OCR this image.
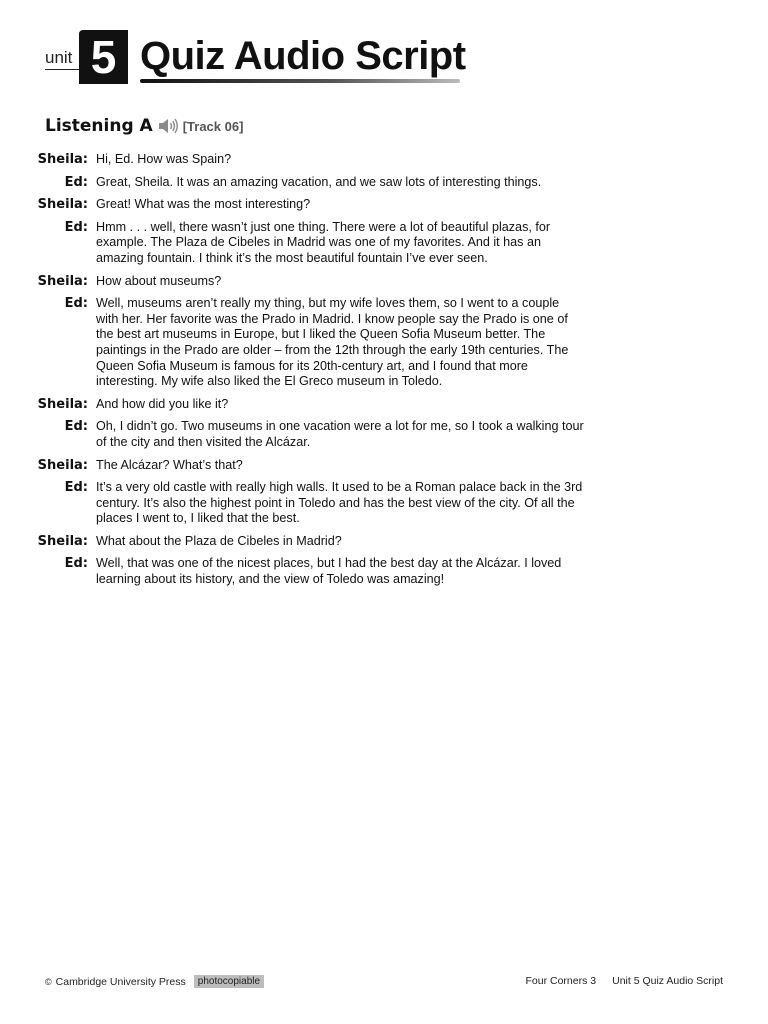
unit 5 Quiz Audio Script
Listening A [Track 06]
Sheila: Hi, Ed. How was Spain?
Ed: Great, Sheila. It was an amazing vacation, and we saw lots of interesting things.
Sheila: Great! What was the most interesting?
Ed: Hmm . . . well, there wasn’t just one thing. There were a lot of beautiful plazas, for example. The Plaza de Cibeles in Madrid was one of my favorites. And it has an amazing fountain. I think it’s the most beautiful fountain I’ve ever seen.
Sheila: How about museums?
Ed: Well, museums aren’t really my thing, but my wife loves them, so I went to a couple with her. Her favorite was the Prado in Madrid. I know people say the Prado is one of the best art museums in Europe, but I liked the Queen Sofia Museum better. The paintings in the Prado are older – from the 12th through the early 19th centuries. The Queen Sofia Museum is famous for its 20th-century art, and I found that more interesting. My wife also liked the El Greco museum in Toledo.
Sheila: And how did you like it?
Ed: Oh, I didn’t go. Two museums in one vacation were a lot for me, so I took a walking tour of the city and then visited the Alcázar.
Sheila: The Alcázar? What’s that?
Ed: It’s a very old castle with really high walls. It used to be a Roman palace back in the 3rd century. It’s also the highest point in Toledo and has the best view of the city. Of all the places I went to, I liked that the best.
Sheila: What about the Plaza de Cibeles in Madrid?
Ed: Well, that was one of the nicest places, but I had the best day at the Alcázar. I loved learning about its history, and the view of Toledo was amazing!
© Cambridge University Press	photocopiable	Four Corners 3 Unit 5 Quiz Audio Script
